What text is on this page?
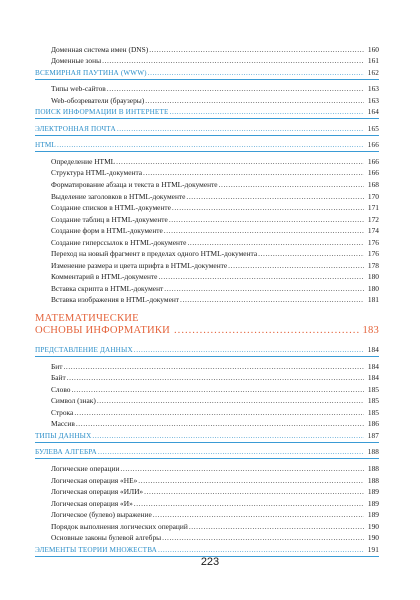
Доменная система имен (DNS) .....	160
Доменные зоны .....	161
ВСЕМИРНАЯ ПАУТИНА (WWW) .....	162
Типы web-сайтов .....	163
Web-обозреватели (браузеры) .....	163
ПОИСК ИНФОРМАЦИИ В ИНТЕРНЕТЕ .....	164
ЭЛЕКТРОННАЯ ПОЧТА .....	165
HTML .....	166
Определение HTML .....	166
Структура HTML-документа .....	166
Форматирование абзаца и текста в HTML-документе .....	168
Выделение заголовков в HTML-документе .....	170
Создание списков в HTML-документе .....	171
Создание таблиц в HTML-документе .....	172
Создание форм в HTML-документе .....	174
Создание гиперссылок в HTML-документе .....	176
Переход на новый фрагмент в пределах одного HTML-документа .....	176
Изменение размера и цвета шрифта в HTML-документе .....	178
Комментарий в HTML-документе .....	180
Вставка скрипта в HTML-документ .....	180
Вставка изображения в HTML-документ .....	181
МАТЕМАТИЧЕСКИЕ
ОСНОВЫ ИНФОРМАТИКИ .....	183
ПРЕДСТАВЛЕНИЕ ДАННЫХ .....	184
Бит .....	184
Байт .....	184
Слово .....	185
Символ (знак) .....	185
Строка .....	185
Массив .....	186
ТИПЫ ДАННЫХ .....	187
БУЛЕВА АЛГЕБРА .....	188
Логические операции .....	188
Логическая операция «НЕ» .....	188
Логическая операция «ИЛИ» .....	189
Логическая операция «И» .....	189
Логическое (булево) выражение .....	189
Порядок выполнения логических операций .....	190
Основные законы булевой алгебры .....	190
ЭЛЕМЕНТЫ ТЕОРИИ МНОЖЕСТВА .....	191
223
